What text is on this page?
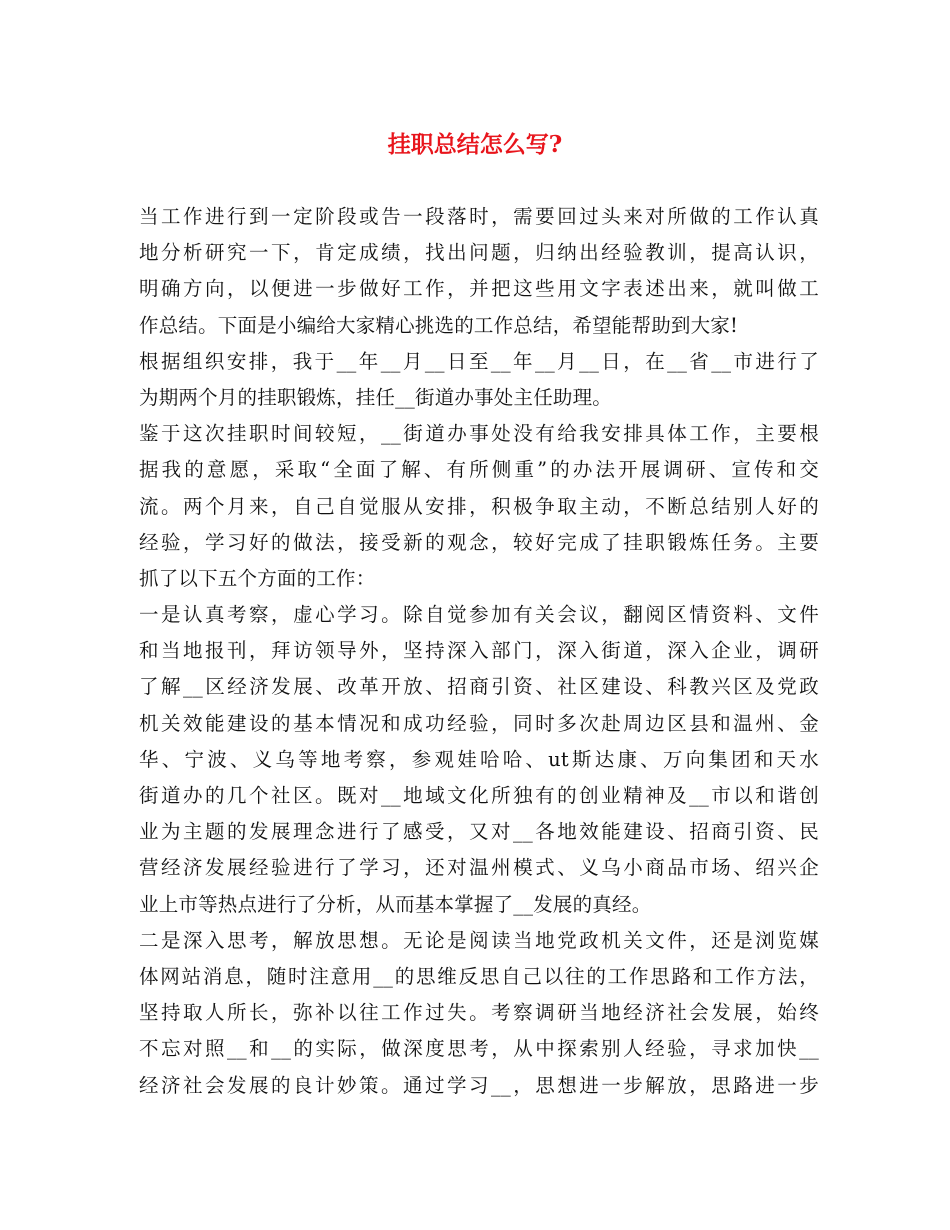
挂职总结怎么写?
当工作进行到一定阶段或告一段落时，需要回过头来对所做的工作认真
地分析研究一下，肯定成绩，找出问题，归纳出经验教训，提高认识，
明确方向，以便进一步做好工作，并把这些用文字表述出来，就叫做工
作总结。下面是小编给大家精心挑选的工作总结，希望能帮助到大家!
根据组织安排，我于__年__月__日至__年__月__日，在__省__市进行了
为期两个月的挂职锻炼，挂任__街道办事处主任助理。
鉴于这次挂职时间较短，__街道办事处没有给我安排具体工作，主要根
据我的意愿，采取“全面了解、有所侧重”的办法开展调研、宣传和交
流。两个月来，自己自觉服从安排，积极争取主动，不断总结别人好的
经验，学习好的做法，接受新的观念，较好完成了挂职锻炼任务。主要
抓了以下五个方面的工作：
一是认真考察，虚心学习。除自觉参加有关会议，翻阅区情资料、文件
和当地报刊，拜访领导外，坚持深入部门，深入街道，深入企业，调研
了解__区经济发展、改革开放、招商引资、社区建设、科教兴区及党政
机关效能建设的基本情况和成功经验，同时多次赴周边区县和温州、金
华、宁波、义乌等地考察，参观娃哈哈、ut斯达康、万向集团和天水
街道办的几个社区。既对__地域文化所独有的创业精神及__市以和谐创
业为主题的发展理念进行了感受，又对__各地效能建设、招商引资、民
营经济发展经验进行了学习，还对温州模式、义乌小商品市场、绍兴企
业上市等热点进行了分析，从而基本掌握了__发展的真经。
二是深入思考，解放思想。无论是阅读当地党政机关文件，还是浏览媒
体网站消息，随时注意用__的思维反思自己以往的工作思路和工作方法，
坚持取人所长，弥补以往工作过失。考察调研当地经济社会发展，始终
不忘对照__和__的实际，做深度思考，从中探索别人经验，寻求加快__
经济社会发展的良计妙策。通过学习__，思想进一步解放，思路进一步
